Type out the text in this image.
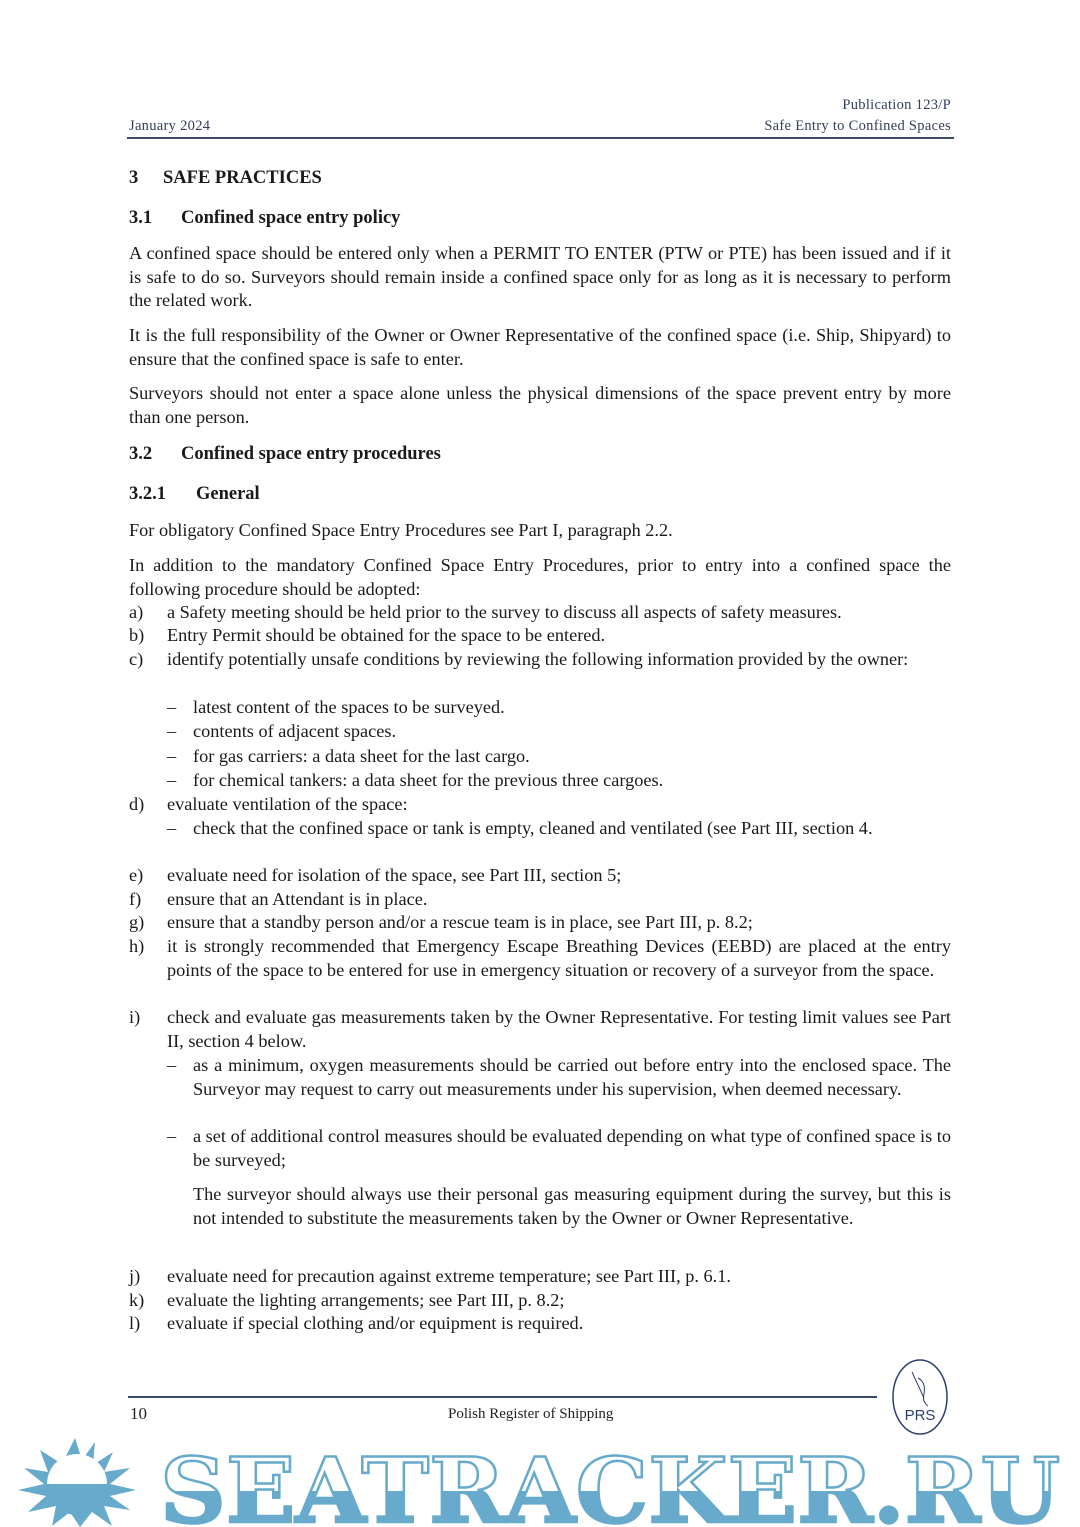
Publication 123/P
January 2024	Safe Entry to Confined Spaces
3 SAFE PRACTICES
3.1 Confined space entry policy
A confined space should be entered only when a PERMIT TO ENTER (PTW or PTE) has been issued and if it is safe to do so. Surveyors should remain inside a confined space only for as long as it is necessary to perform the related work.
It is the full responsibility of the Owner or Owner Representative of the confined space (i.e. Ship, Shipyard) to ensure that the confined space is safe to enter.
Surveyors should not enter a space alone unless the physical dimensions of the space prevent entry by more than one person.
3.2 Confined space entry procedures
3.2.1 General
For obligatory Confined Space Entry Procedures see Part I, paragraph 2.2.
In addition to the mandatory Confined Space Entry Procedures, prior to entry into a confined space the following procedure should be adopted:
a) a Safety meeting should be held prior to the survey to discuss all aspects of safety measures.
b) Entry Permit should be obtained for the space to be entered.
c) identify potentially unsafe conditions by reviewing the following information provided by the owner:
– latest content of the spaces to be surveyed.
– contents of adjacent spaces.
– for gas carriers: a data sheet for the last cargo.
– for chemical tankers: a data sheet for the previous three cargoes.
d) evaluate ventilation of the space:
– check that the confined space or tank is empty, cleaned and ventilated (see Part III, section 4.
e) evaluate need for isolation of the space, see Part III, section 5;
f) ensure that an Attendant is in place.
g) ensure that a standby person and/or a rescue team is in place, see Part III, p. 8.2;
h) it is strongly recommended that Emergency Escape Breathing Devices (EEBD) are placed at the entry points of the space to be entered for use in emergency situation or recovery of a surveyor from the space.
i) check and evaluate gas measurements taken by the Owner Representative. For testing limit values see Part II, section 4 below.
– as a minimum, oxygen measurements should be carried out before entry into the enclosed space. The Surveyor may request to carry out measurements under his supervision, when deemed necessary.
– a set of additional control measures should be evaluated depending on what type of confined space is to be surveyed;
The surveyor should always use their personal gas measuring equipment during the survey, but this is not intended to substitute the measurements taken by the Owner or Owner Representative.
j) evaluate need for precaution against extreme temperature; see Part III, p. 6.1.
k) evaluate the lighting arrangements; see Part III, p. 8.2;
l) evaluate if special clothing and/or equipment is required.
10	Polish Register of Shipping	PRS
SEATRACKER.RU
